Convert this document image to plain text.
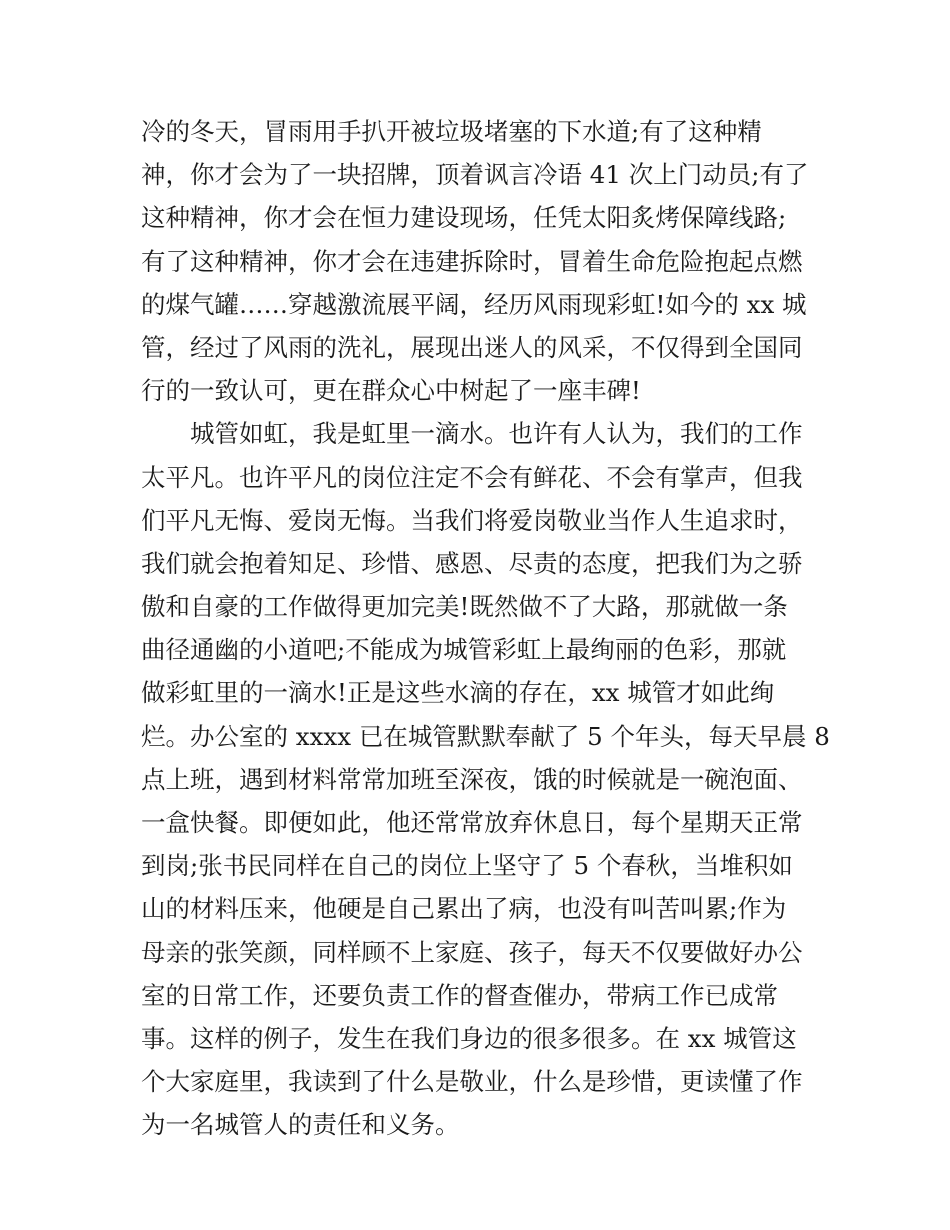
冷的冬天，冒雨用手扒开被垃圾堵塞的下水道;有了这种精
神，你才会为了一块招牌，顶着讽言冷语 41 次上门动员;有了
这种精神，你才会在恒力建设现场，任凭太阳炙烤保障线路;
有了这种精神，你才会在违建拆除时，冒着生命危险抱起点燃
的煤气罐……穿越激流展平阔，经历风雨现彩虹!如今的 xx 城
管，经过了风雨的洗礼，展现出迷人的风采，不仅得到全国同
行的一致认可，更在群众心中树起了一座丰碑!
城管如虹，我是虹里一滴水。也许有人认为，我们的工作
太平凡。也许平凡的岗位注定不会有鲜花、不会有掌声，但我
们平凡无悔、爱岗无悔。当我们将爱岗敬业当作人生追求时，
我们就会抱着知足、珍惜、感恩、尽责的态度，把我们为之骄
傲和自豪的工作做得更加完美!既然做不了大路，那就做一条
曲径通幽的小道吧;不能成为城管彩虹上最绚丽的色彩，那就
做彩虹里的一滴水!正是这些水滴的存在，xx 城管才如此绚
烂。办公室的 xxxx 已在城管默默奉献了 5 个年头，每天早晨 8
点上班，遇到材料常常加班至深夜，饿的时候就是一碗泡面、
一盒快餐。即便如此，他还常常放弃休息日，每个星期天正常
到岗;张书民同样在自己的岗位上坚守了 5 个春秋，当堆积如
山的材料压来，他硬是自己累出了病，也没有叫苦叫累;作为
母亲的张笑颜，同样顾不上家庭、孩子，每天不仅要做好办公
室的日常工作，还要负责工作的督查催办，带病工作已成常
事。这样的例子，发生在我们身边的很多很多。在 xx 城管这
个大家庭里，我读到了什么是敬业，什么是珍惜，更读懂了作
为一名城管人的责任和义务。
